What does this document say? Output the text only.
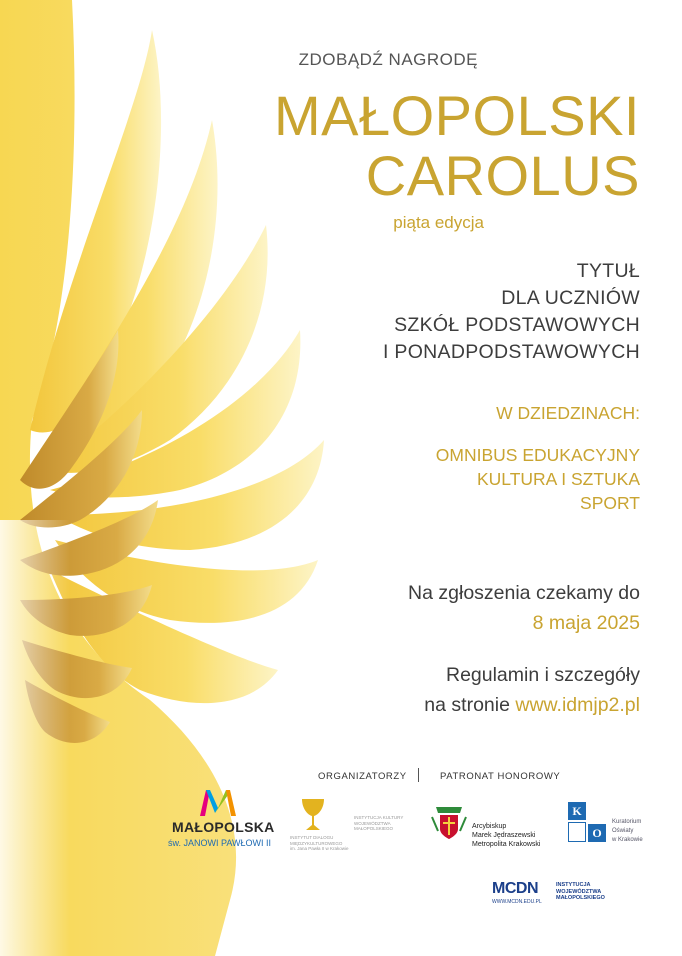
ZDOBĄDŹ NAGRODĘ

MAŁOPOLSKI
CAROLUS

piąta edycja

TYTUŁ
DLA UCZNIÓW
SZKÓŁ PODSTAWOWYCH
I PONADPODSTAWOWYCH

W DZIEDZINACH:

OMNIBUS EDUKACYJNY
KULTURA I SZTUKA
SPORT
Na zgłoszenia czekamy do
8 maja 2025
Regulamin i szczegóły
na stronie www.idmjp2.pl
ORGANIZATORZY	PATRONAT HONOROWY
MAŁOPOLSKA
św. JANOWI PAWŁOWI II
INSTYTUT DIALOGU
MIĘDZYKULTUROWEGO
im. Jana Pawła II w Krakowie
INSTYTUCJA KULTURY
WOJEWÓDZTWA
MAŁOPOLSKIEGO	Arcybiskup
Marek Jędraszewski
Metropolita Krakowski
K
O
Kuratorium
Oświaty
w Krakowie
MCDN
WWW.MCDN.EDU.PL
INSTYTUCJA
WOJEWÓDZTWA
MAŁOPOLSKIEGO
